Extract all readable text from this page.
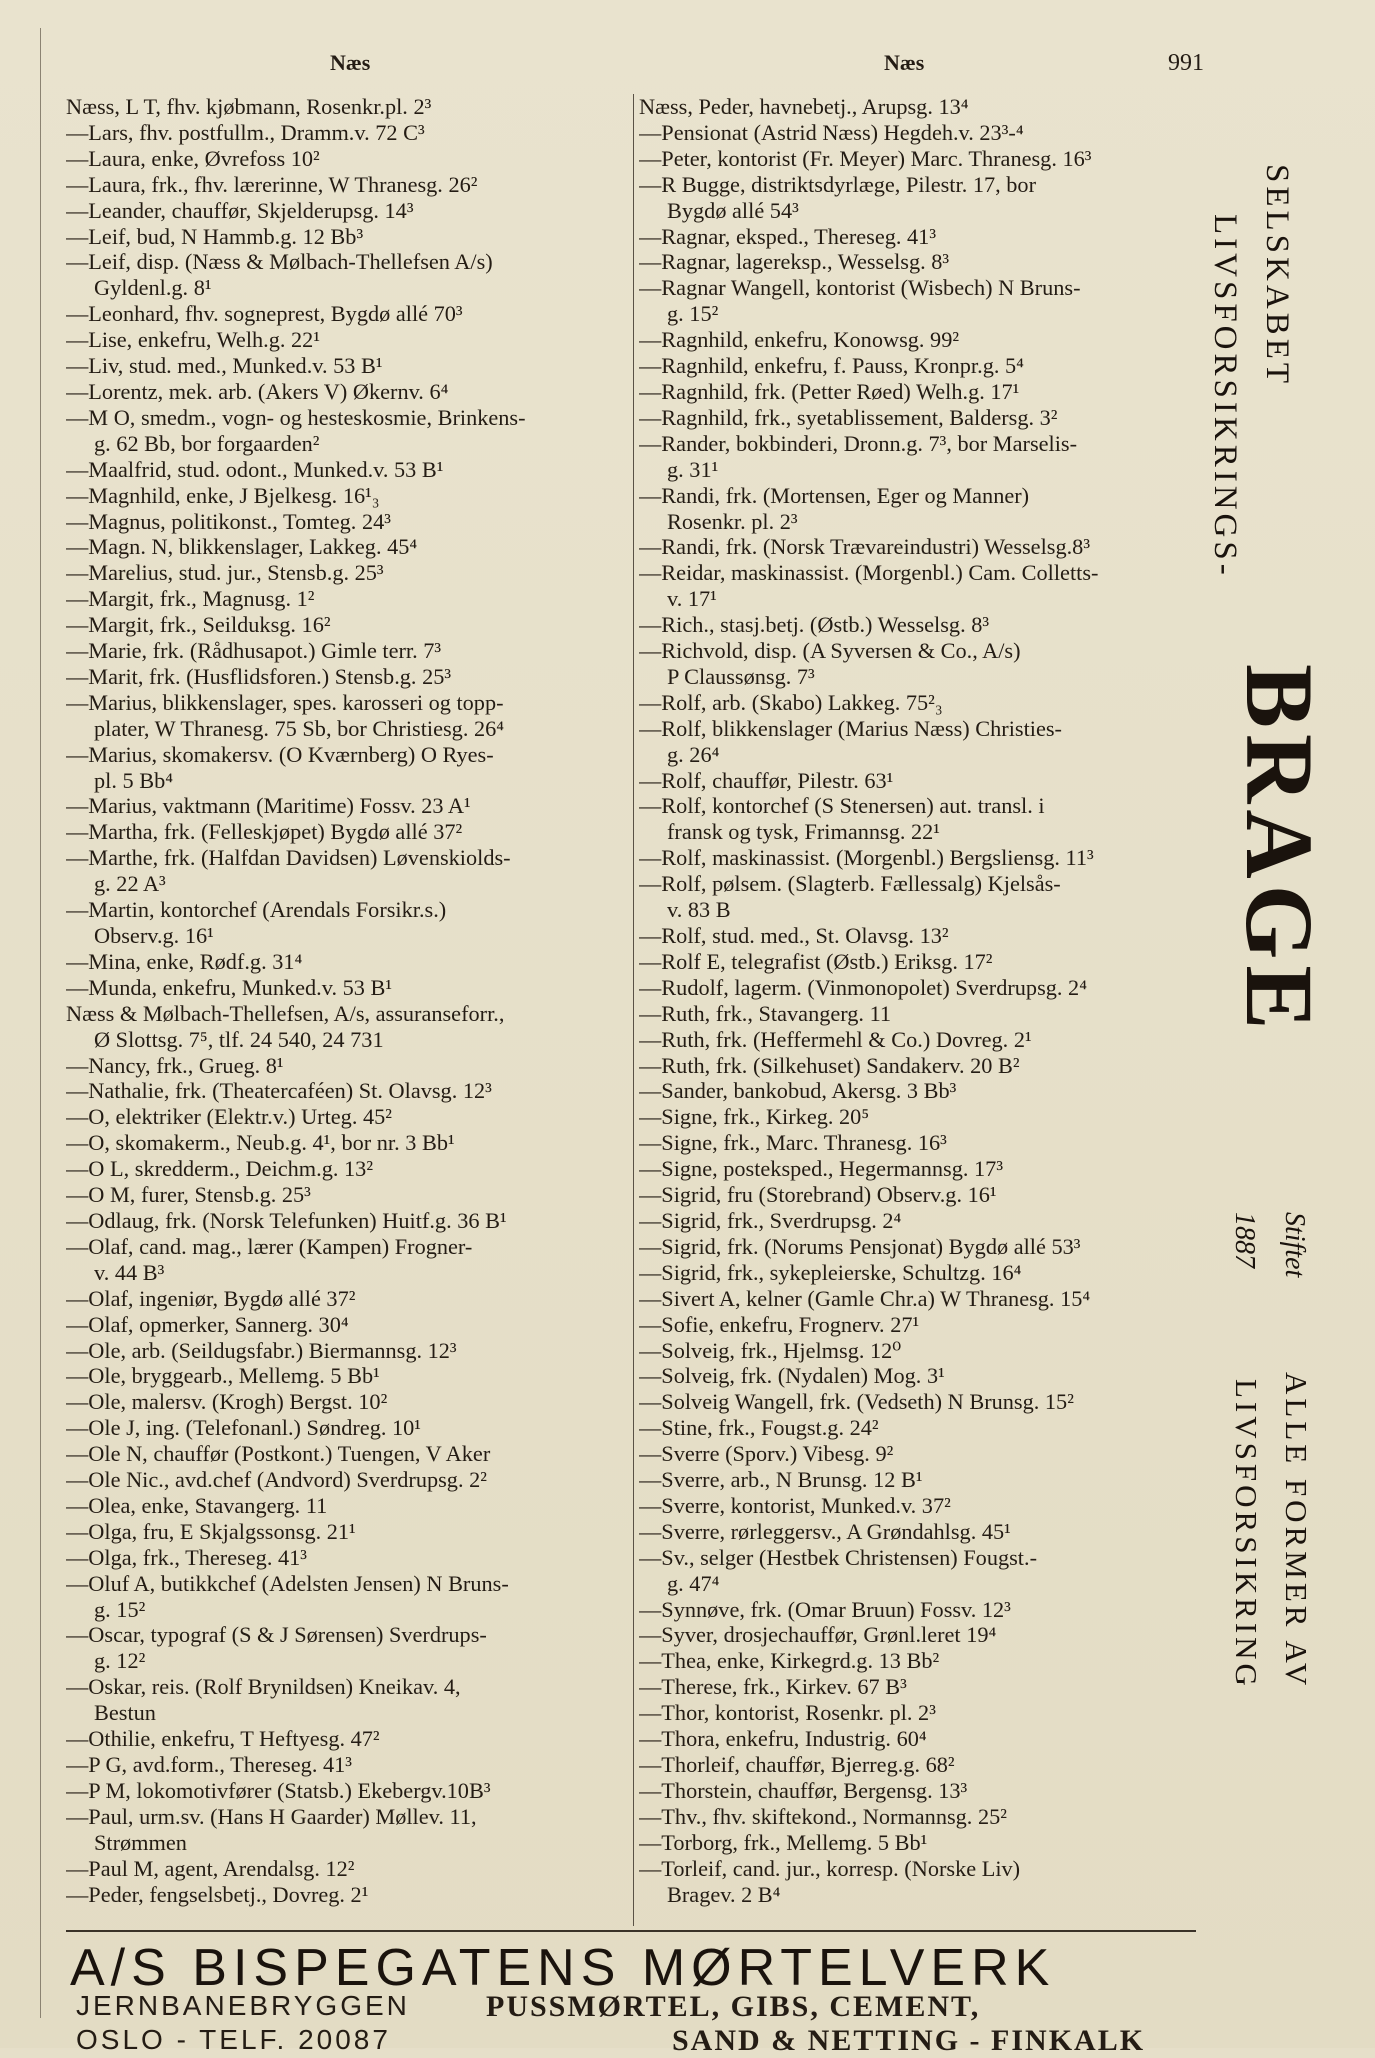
Næs	Næs	991
Næss, L T, fhv. kjøbmann, Rosenkr.pl. 2³
—Lars, fhv. postfullm., Dramm.v. 72 C³
—Laura, enke, Øvrefoss 10²
—Laura, frk., fhv. lærerinne, W Thranesg. 26²
—Leander, chauffør, Skjelderupsg. 14³
—Leif, bud, N Hammb.g. 12 Bb³
—Leif, disp. (Næss & Mølbach-Thellefsen A/s)
Gyldenl.g. 8¹
—Leonhard, fhv. sogneprest, Bygdø allé 70³
—Lise, enkefru, Welh.g. 22¹
—Liv, stud. med., Munked.v. 53 B¹
—Lorentz, mek. arb. (Akers V) Økernv. 6⁴
—M O, smedm., vogn- og hesteskosmie, Brinkens-
g. 62 Bb, bor forgaarden²
—Maalfrid, stud. odont., Munked.v. 53 B¹
—Magnhild, enke, J Bjelkesg. 16¹₃
—Magnus, politikonst., Tomteg. 24³
—Magn. N, blikkenslager, Lakkeg. 45⁴
—Marelius, stud. jur., Stensb.g. 25³
—Margit, frk., Magnusg. 1²
—Margit, frk., Seilduksg. 16²
—Marie, frk. (Rådhusapot.) Gimle terr. 7³
—Marit, frk. (Husflidsforen.) Stensb.g. 25³
—Marius, blikkenslager, spes. karosseri og topp-
plater, W Thranesg. 75 Sb, bor Christiesg. 26⁴
—Marius, skomakersv. (O Kværnberg) O Ryes-
pl. 5 Bb⁴
—Marius, vaktmann (Maritime) Fossv. 23 A¹
—Martha, frk. (Felleskjøpet) Bygdø allé 37²
—Marthe, frk. (Halfdan Davidsen) Løvenskiolds-
g. 22 A³
—Martin, kontorchef (Arendals Forsikr.s.)
Observ.g. 16¹
—Mina, enke, Rødf.g. 31⁴
—Munda, enkefru, Munked.v. 53 B¹
Næss & Mølbach-Thellefsen, A/s, assuranseforr.,
Ø Slottsg. 7⁵, tlf. 24 540, 24 731
—Nancy, frk., Grueg. 8¹
—Nathalie, frk. (Theatercaféen) St. Olavsg. 12³
—O, elektriker (Elektr.v.) Urteg. 45²
—O, skomakerm., Neub.g. 4¹, bor nr. 3 Bb¹
—O L, skredderm., Deichm.g. 13²
—O M, furer, Stensb.g. 25³
—Odlaug, frk. (Norsk Telefunken) Huitf.g. 36 B¹
—Olaf, cand. mag., lærer (Kampen) Frogner-
v. 44 B³
—Olaf, ingeniør, Bygdø allé 37²
—Olaf, opmerker, Sannerg. 30⁴
—Ole, arb. (Seildugsfabr.) Biermannsg. 12³
—Ole, bryggearb., Mellemg. 5 Bb¹
—Ole, malersv. (Krogh) Bergst. 10²
—Ole J, ing. (Telefonanl.) Søndreg. 10¹
—Ole N, chauffør (Postkont.) Tuengen, V Aker
—Ole Nic., avd.chef (Andvord) Sverdrupsg. 2²
—Olea, enke, Stavangerg. 11
—Olga, fru, E Skjalgssonsg. 21¹
—Olga, frk., Thereseg. 41³
—Oluf A, butikkchef (Adelsten Jensen) N Bruns-
g. 15²
—Oscar, typograf (S & J Sørensen) Sverdrups-
g. 12²
—Oskar, reis. (Rolf Brynildsen) Kneikav. 4,
Bestun
—Othilie, enkefru, T Heftyesg. 47²
—P G, avd.form., Thereseg. 41³
—P M, lokomotivfører (Statsb.) Ekebergv.10B³
—Paul, urm.sv. (Hans H Gaarder) Møllev. 11,
Strømmen
—Paul M, agent, Arendalsg. 12²
—Peder, fengselsbetj., Dovreg. 2¹
Næss, Peder, havnebetj., Arupsg. 13⁴
—Pensionat (Astrid Næss) Hegdeh.v. 23³-⁴
—Peter, kontorist (Fr. Meyer) Marc. Thranesg. 16³
—R Bugge, distriktsdyrlæge, Pilestr. 17, bor
Bygdø allé 54³
—Ragnar, eksped., Thereseg. 41³
—Ragnar, lagereksp., Wesselsg. 8³
—Ragnar Wangell, kontorist (Wisbech) N Bruns-
g. 15²
—Ragnhild, enkefru, Konowsg. 99²
—Ragnhild, enkefru, f. Pauss, Kronpr.g. 5⁴
—Ragnhild, frk. (Petter Røed) Welh.g. 17¹
—Ragnhild, frk., syetablissement, Baldersg. 3²
—Rander, bokbinderi, Dronn.g. 7³, bor Marselis-
g. 31¹
—Randi, frk. (Mortensen, Eger og Manner)
Rosenkr. pl. 2³
—Randi, frk. (Norsk Trævareindustri) Wesselsg.8³
—Reidar, maskinassist. (Morgenbl.) Cam. Colletts-
v. 17¹
—Rich., stasj.betj. (Østb.) Wesselsg. 8³
—Richvold, disp. (A Syversen & Co., A/s)
P Claussønsg. 7³
—Rolf, arb. (Skabo) Lakkeg. 75²₃
—Rolf, blikkenslager (Marius Næss) Christies-
g. 26⁴
—Rolf, chauffør, Pilestr. 63¹
—Rolf, kontorchef (S Stenersen) aut. transl. i
fransk og tysk, Frimannsg. 22¹
—Rolf, maskinassist. (Morgenbl.) Bergsliensg. 11³
—Rolf, pølsem. (Slagterb. Fællessalg) Kjelsås-
v. 83 B
—Rolf, stud. med., St. Olavsg. 13²
—Rolf E, telegrafist (Østb.) Eriksg. 17²
—Rudolf, lagerm. (Vinmonopolet) Sverdrupsg. 2⁴
—Ruth, frk., Stavangerg. 11
—Ruth, frk. (Heffermehl & Co.) Dovreg. 2¹
—Ruth, frk. (Silkehuset) Sandakerv. 20 B²
—Sander, bankobud, Akersg. 3 Bb³
—Signe, frk., Kirkeg. 20⁵
—Signe, frk., Marc. Thranesg. 16³
—Signe, posteksped., Hegermannsg. 17³
—Sigrid, fru (Storebrand) Observ.g. 16¹
—Sigrid, frk., Sverdrupsg. 2⁴
—Sigrid, frk. (Norums Pensjonat) Bygdø allé 53³
—Sigrid, frk., sykepleierske, Schultzg. 16⁴
—Sivert A, kelner (Gamle Chr.a) W Thranesg. 15⁴
—Sofie, enkefru, Frognerv. 27¹
—Solveig, frk., Hjelmsg. 12⁰
—Solveig, frk. (Nydalen) Mog. 3¹
—Solveig Wangell, frk. (Vedseth) N Brunsg. 15²
—Stine, frk., Fougst.g. 24²
—Sverre (Sporv.) Vibesg. 9²
—Sverre, arb., N Brunsg. 12 B¹
—Sverre, kontorist, Munked.v. 37²
—Sverre, rørleggersv., A Grøndahlsg. 45¹
—Sv., selger (Hestbek Christensen) Fougst.-
g. 47⁴
—Synnøve, frk. (Omar Bruun) Fossv. 12³
—Syver, drosjechauffør, Grønl.leret 19⁴
—Thea, enke, Kirkegrd.g. 13 Bb²
—Therese, frk., Kirkev. 67 B³
—Thor, kontorist, Rosenkr. pl. 2³
—Thora, enkefru, Industrig. 60⁴
—Thorleif, chauffør, Bjerreg.g. 68²
—Thorstein, chauffør, Bergensg. 13³
—Thv., fhv. skiftekond., Normannsg. 25²
—Torborg, frk., Mellemg. 5 Bb¹
—Torleif, cand. jur., korresp. (Norske Liv)
Bragev. 2 B⁴
LIVSFORSIKRINGS- SELSKABET
BRAGE
Stiftet
1887
ALLE FORMER AV
LIVSFORSIKRING
A/S BISPEGATENS MØRTELVERK
JERNBANEBRYGGEN
OSLO - TELF. 20087
PUSSMØRTEL, GIBS, CEMENT,
SAND & NETTING - FINKALK
